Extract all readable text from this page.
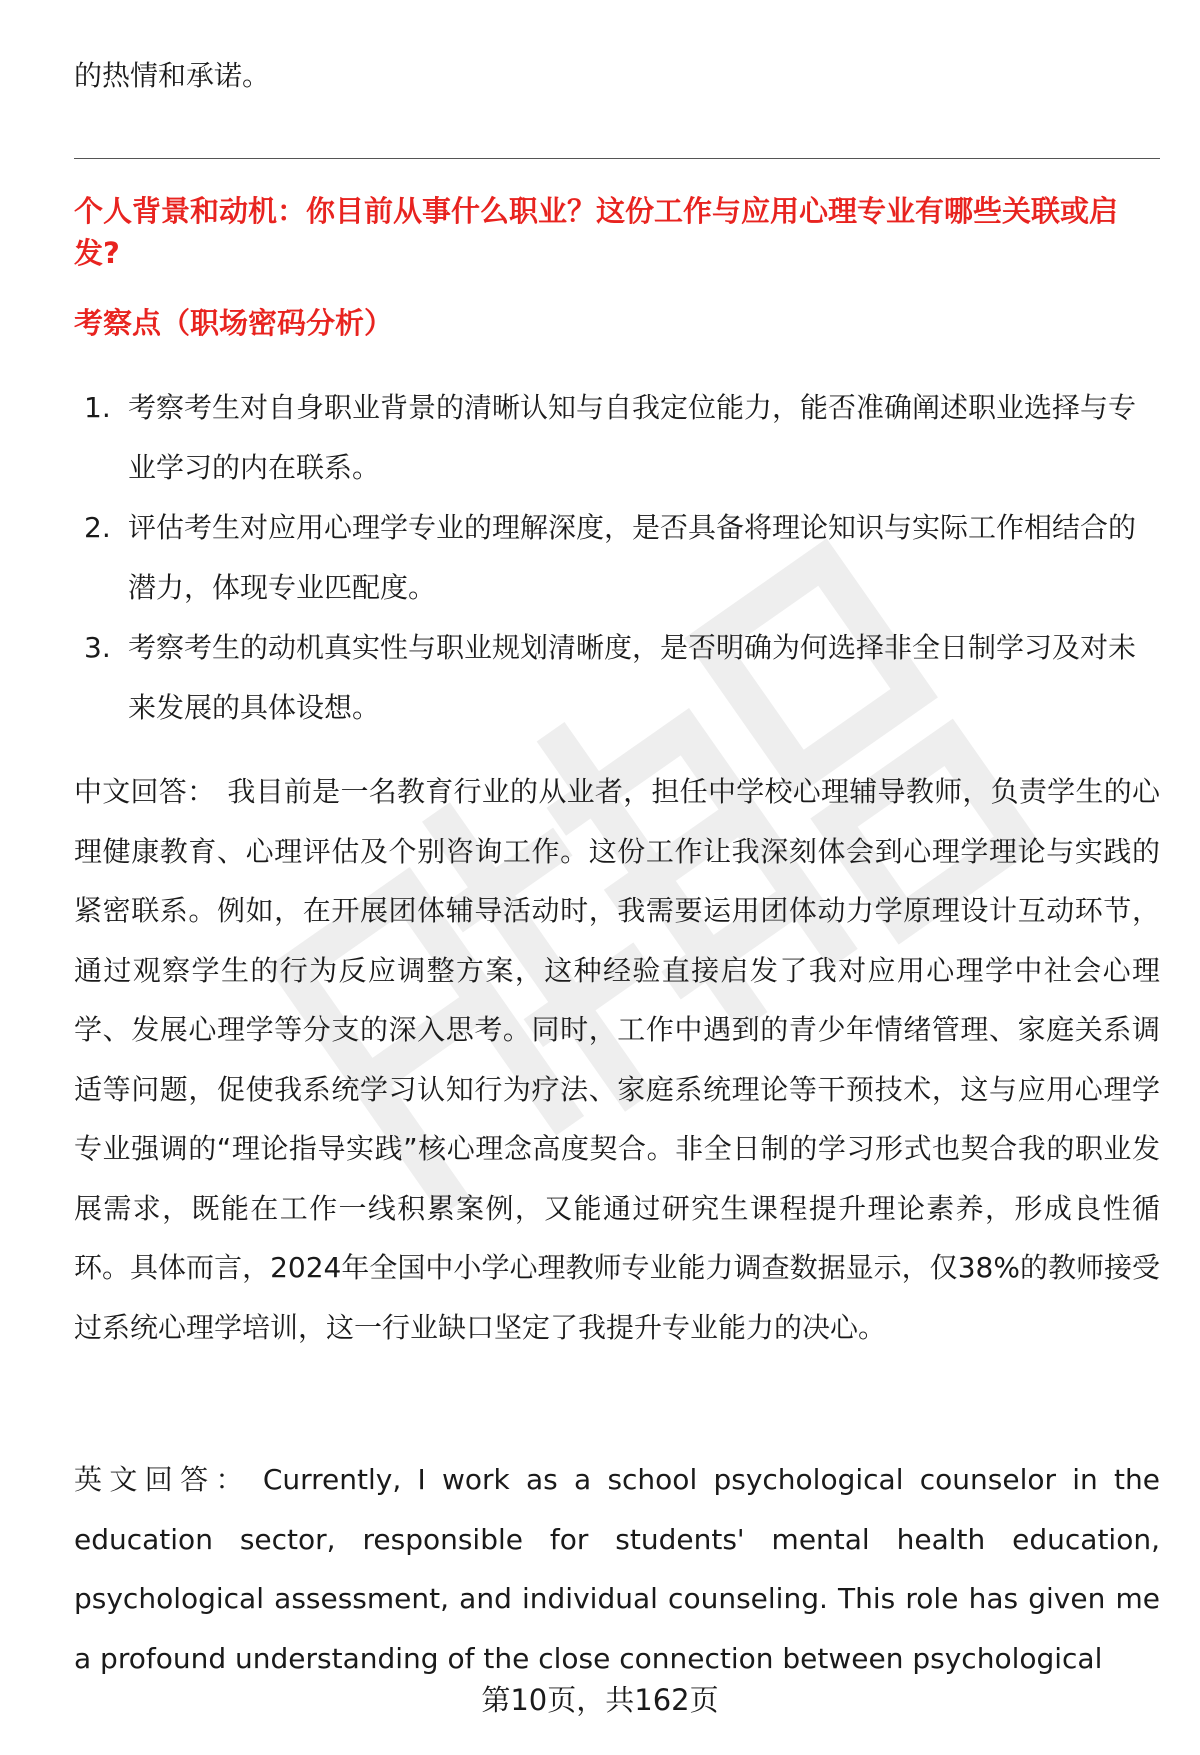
的热情和承诺。

个人背景和动机：你目前从事什么职业？这份工作与应用心理专业有哪些关联或启发?
考察点（职场密码分析）
1. 考察考生对自身职业背景的清晰认知与自我定位能力，能否准确阐述职业选择与专业学习的内在联系。
2. 评估考生对应用心理学专业的理解深度，是否具备将理论知识与实际工作相结合的潜力，体现专业匹配度。
3. 考察考生的动机真实性与职业规划清晰度，是否明确为何选择非全日制学习及对未来发展的具体设想。

中文回答： 我目前是一名教育行业的从业者，担任中学校心理辅导教师，负责学生的心理健康教育、心理评估及个别咨询工作。这份工作让我深刻体会到心理学理论与实践的紧密联系。例如，在开展团体辅导活动时，我需要运用团体动力学原理设计互动环节，通过观察学生的行为反应调整方案，这种经验直接启发了我对应用心理学中社会心理学、发展心理学等分支的深入思考。同时，工作中遇到的青少年情绪管理、家庭关系调适等问题，促使我系统学习认知行为疗法、家庭系统理论等干预技术，这与应用心理学专业强调的“理论指导实践”核心理念高度契合。非全日制的学习形式也契合我的职业发展需求，既能在工作一线积累案例，又能通过研究生课程提升理论素养，形成良性循环。具体而言，2024年全国中小学心理教师专业能力调查数据显示，仅38%的教师接受过系统心理学培训，这一行业缺口坚定了我提升专业能力的决心。

英文回答： Currently, I work as a school psychological counselor in the education sector, responsible for students' mental health education, psychological assessment, and individual counseling. This role has given me a profound understanding of the close connection between psychological

第10页，共162页
